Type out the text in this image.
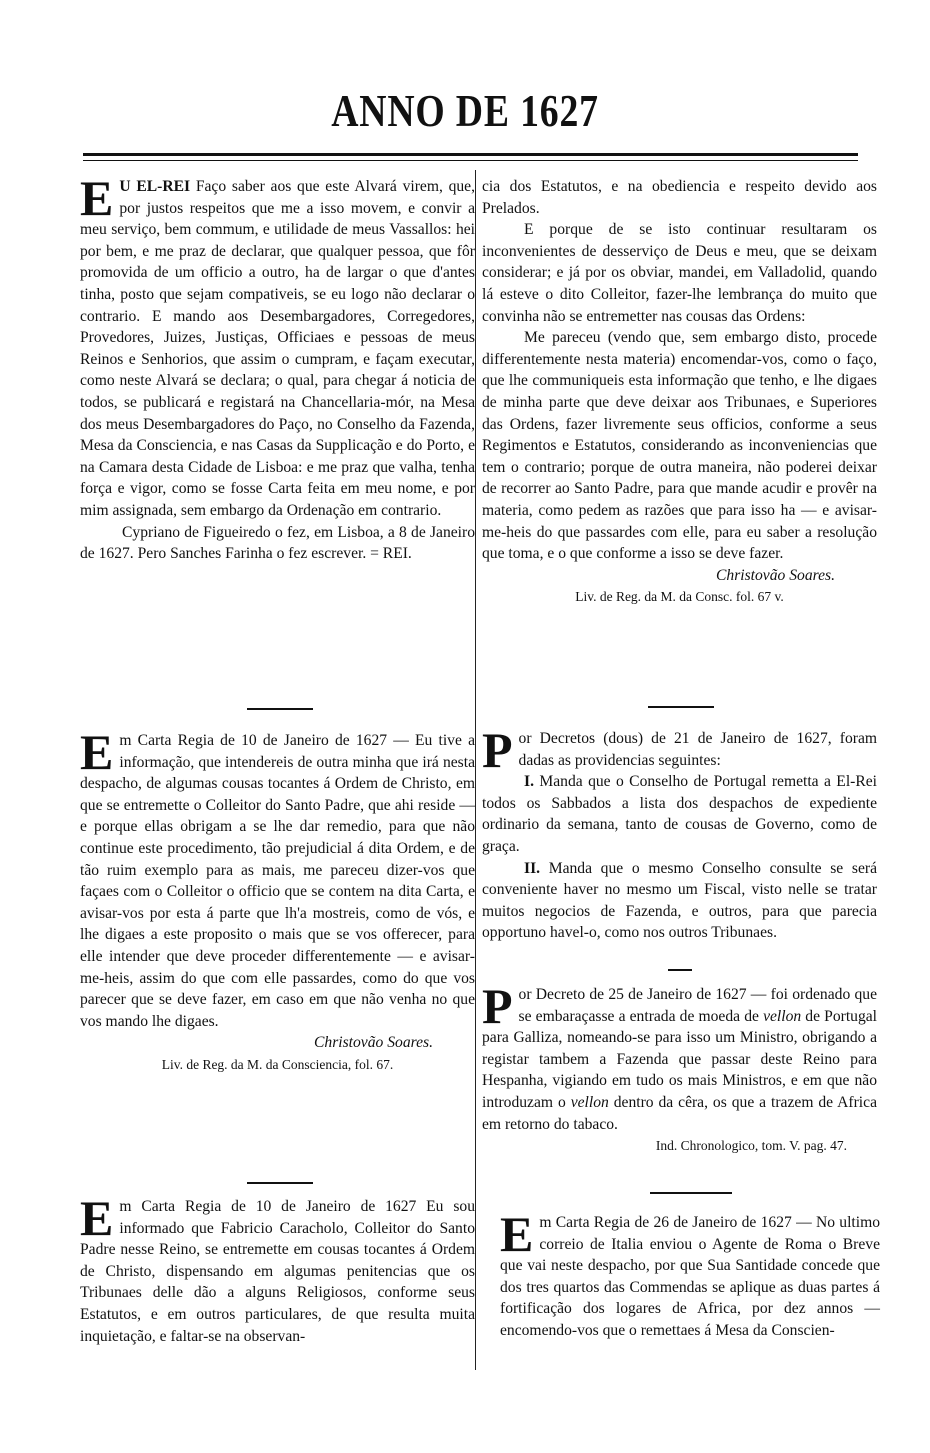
ANNO DE 1627

E U EL-REI Faço saber aos que este Alvará virem, que, por justos respeitos que me a isso movem, e convir a meu serviço, bem commum, e utilidade de meus Vassallos: hei por bem, e me praz de declarar, que qualquer pessoa, que fôr promovida de um officio a outro, ha de largar o que d'antes tinha, posto que sejam compativeis, se eu logo não declarar o contrario. E mando aos Desembargadores, Corregedores, Provedores, Juizes, Justiças, Officiaes e pessoas de meus Reinos e Senhorios, que assim o cumpram, e façam executar, como neste Alvará se declara; o qual, para chegar á noticia de todos, se publicará e registará na Chancellaria-mór, na Mesa dos meus Desembargadores do Paço, no Conselho da Fazenda, Mesa da Consciencia, e nas Casas da Supplicação e do Porto, e na Camara desta Cidade de Lisboa: e me praz que valha, tenha força e vigor, como se fosse Carta feita em meu nome, e por mim assignada, sem embargo da Ordenação em contrario.

Cypriano de Figueiredo o fez, em Lisboa, a 8 de Janeiro de 1627. Pero Sanches Farinha o fez escrever. = REI.

Em Carta Regia de 10 de Janeiro de 1627 — Eu tive a informação, que intendereis de outra minha que irá nesta despacho, de algumas cousas tocantes á Ordem de Christo, em que se entremette o Colleitor do Santo Padre, que ahi reside — e porque ellas obrigam a se lhe dar remedio, para que não continue este procedimento, tão prejudicial á dita Ordem, e de tão ruim exemplo para as mais, me pareceu dizer-vos que façaes com o Colleitor o officio que se contem na dita Carta, e avisar-vos por esta á parte que lh'a mostreis, como de vós, e lhe digaes a este proposito o mais que se vos offerecer, para elle intender que deve proceder differentemente — e avisar-me-heis, assim do que com elle passardes, como do que vos parecer que se deve fazer, em caso em que não venha no que vos mando lhe digaes.

Christovão Soares.

Liv. de Reg. da M. da Consciencia, fol. 67.

Em Carta Regia de 10 de Janeiro de 1627 Eu sou informado que Fabricio Caracholo, Colleitor do Santo Padre nesse Reino, se entremette em cousas tocantes á Ordem de Christo, dispensando em algumas penitencias que os Tribunaes delle dão a alguns Religiosos, conforme seus Estatutos, e em outros particulares, de que resulta muita inquietação, e faltar-se na observan-

cia dos Estatutos, e na obediencia e respeito devido aos Prelados.

E porque de se isto continuar resultaram os inconvenientes de desserviço de Deus e meu, que se deixam considerar; e já por os obviar, mandei, em Valladolid, quando lá esteve o dito Colleitor, fazer-lhe lembrança do muito que convinha não se entremetter nas cousas das Ordens:

Me pareceu (vendo que, sem embargo disto, procede differentemente nesta materia) encomendar-vos, como o faço, que lhe communiqueis esta informação que tenho, e lhe digaes de minha parte que deve deixar aos Tribunaes, e Superiores das Ordens, fazer livremente seus officios, conforme a seus Regimentos e Estatutos, considerando as inconveniencias que tem o contrario; porque de outra maneira, não poderei deixar de recorrer ao Santo Padre, para que mande acudir e provêr na materia, como pedem as razões que para isso ha — e avisar-me-heis do que passardes com elle, para eu saber a resolução que toma, e o que conforme a isso se deve fazer.

Christovão Soares.

Liv. de Reg. da M. da Consc. fol. 67 v.

Por Decretos (dous) de 21 de Janeiro de 1627, foram dadas as providencias seguintes:

I. Manda que o Conselho de Portugal remetta a El-Rei todos os Sabbados a lista dos despachos de expediente ordinario da semana, tanto de cousas de Governo, como de graça.

II. Manda que o mesmo Conselho consulte se será conveniente haver no mesmo um Fiscal, visto nelle se tratar muitos negocios de Fazenda, e outros, para que parecia opportuno havel-o, como nos outros Tribunaes.

Por Decreto de 25 de Janeiro de 1627 — foi ordenado que se embaraçasse a entrada de moeda de vellon de Portugal para Galliza, nomeando-se para isso um Ministro, obrigando a registar tambem a Fazenda que passar deste Reino para Hespanha, vigiando em tudo os mais Ministros, e em que não introduzam o vellon dentro da cêra, os que a trazem de Africa em retorno do tabaco.

Ind. Chronologico, tom. V. pag. 47.

Em Carta Regia de 26 de Janeiro de 1627 — No ultimo correio de Italia enviou o Agente de Roma o Breve que vai neste despacho, por que Sua Santidade concede que dos tres quartos das Commendas se aplique as duas partes á fortificação dos logares de Africa, por dez annos — encomendo-vos que o remettaes á Mesa da Conscien-
